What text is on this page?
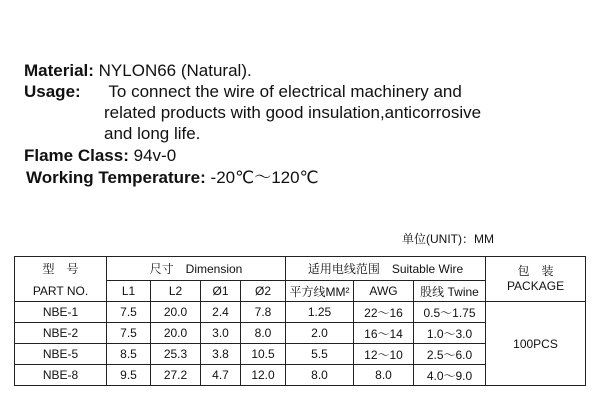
Material: NYLON66 (Natural).
Usage: To connect the wire of electrical machinery and
related products with good insulation,anticorrosive
and long life.
Flame Class: 94v-0
Working Temperature: -20℃～120℃
单位(UNIT)：MM
型　号	尺寸　Dimension				适用电线范围　Suitable Wire			包　装
PACKAGE

PART NO.	L1	L2	Ø1	Ø2	平方线MM²	AWG	股线 Twine	
NBE-1	7.5	20.0	2.4	7.8	1.25	22～16	0.5～1.75	100PCS
NBE-2	7.5	20.0	3.0	8.0	2.0	16～14	1.0～3.0	
NBE-5	8.5	25.3	3.8	10.5	5.5	12～10	2.5～6.0	
NBE-8	9.5	27.2	4.7	12.0	8.0	8.0	4.0～9.0	
